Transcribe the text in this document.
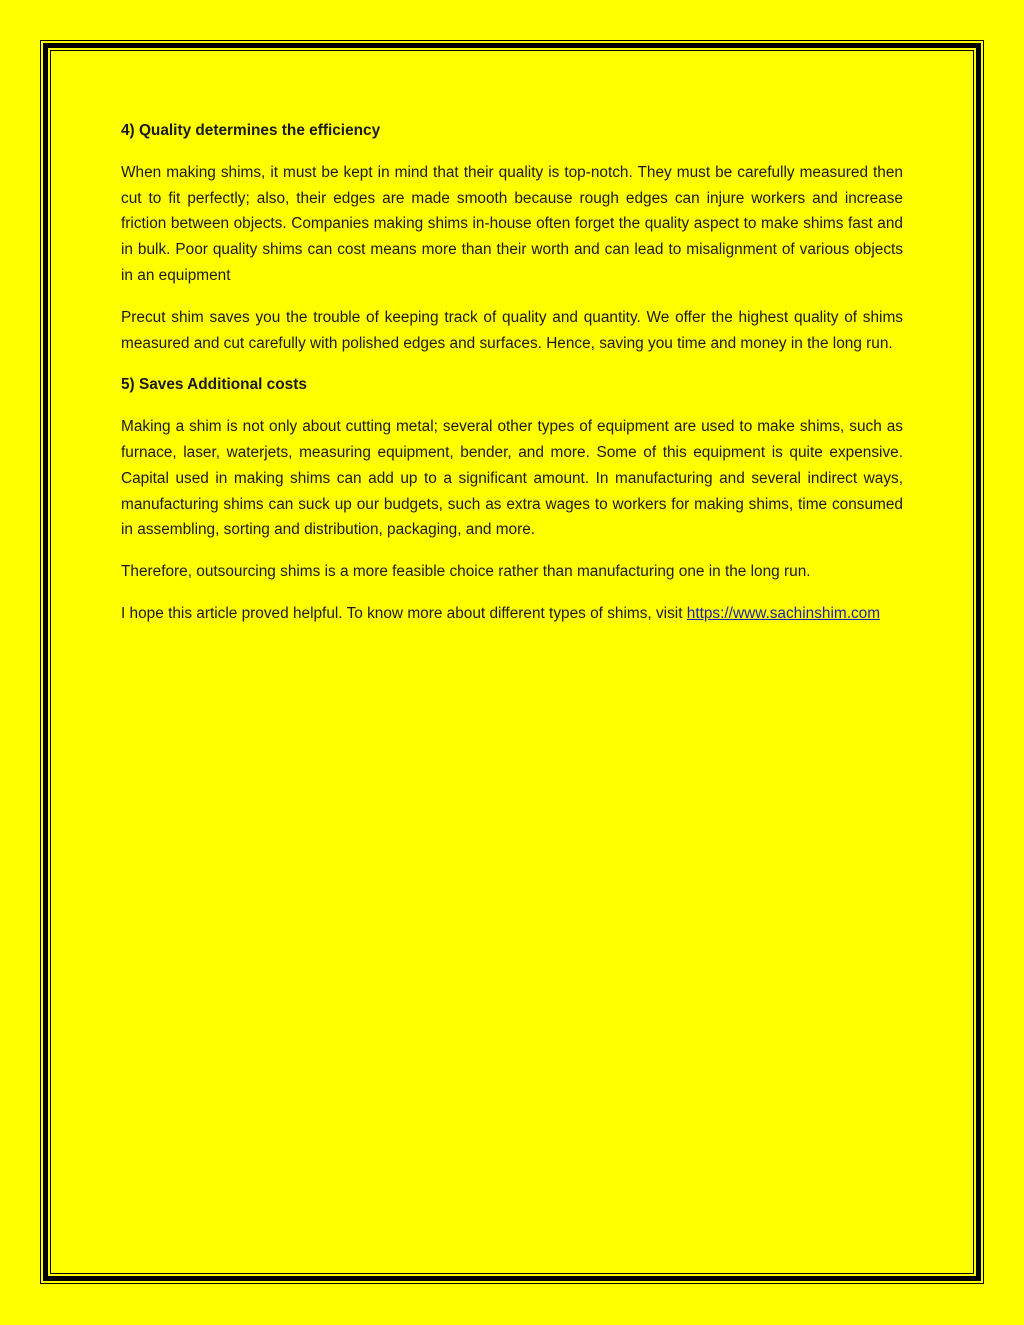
4) Quality determines the efficiency

When making shims, it must be kept in mind that their quality is top-notch. They must be carefully measured then cut to fit perfectly; also, their edges are made smooth because rough edges can injure workers and increase friction between objects. Companies making shims in-house often forget the quality aspect to make shims fast and in bulk. Poor quality shims can cost means more than their worth and can lead to misalignment of various objects in an equipment

Precut shim saves you the trouble of keeping track of quality and quantity. We offer the highest quality of shims measured and cut carefully with polished edges and surfaces. Hence, saving you time and money in the long run.

5) Saves Additional costs

Making a shim is not only about cutting metal; several other types of equipment are used to make shims, such as furnace, laser, waterjets, measuring equipment, bender, and more. Some of this equipment is quite expensive. Capital used in making shims can add up to a significant amount. In manufacturing and several indirect ways, manufacturing shims can suck up our budgets, such as extra wages to workers for making shims, time consumed in assembling, sorting and distribution, packaging, and more.

Therefore, outsourcing shims is a more feasible choice rather than manufacturing one in the long run.

I hope this article proved helpful. To know more about different types of shims, visit https://www.sachinshim.com
